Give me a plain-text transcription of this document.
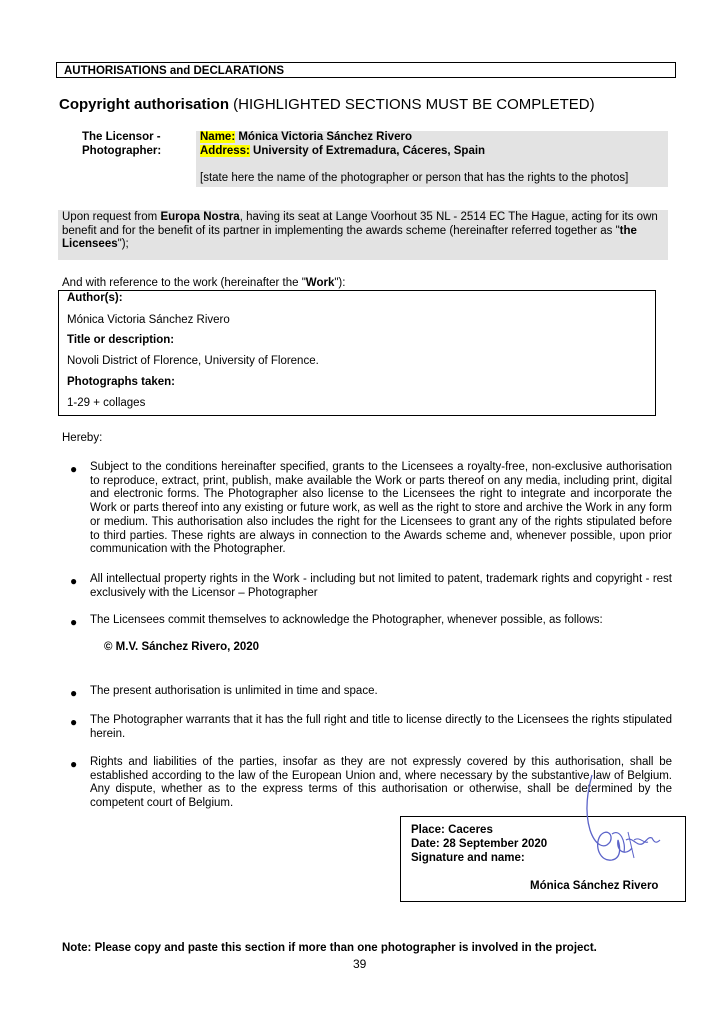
AUTHORISATIONS and DECLARATIONS
Copyright authorisation (HIGHLIGHTED SECTIONS MUST BE COMPLETED)
The Licensor -
Photographer:
Name: Mónica Victoria Sánchez Rivero
Address: University of Extremadura, Cáceres, Spain
[state here the name of the photographer or person that has the rights to the photos]
Upon request from Europa Nostra, having its seat at Lange Voorhout 35 NL - 2514 EC The Hague, acting for its own benefit and for the benefit of its partner in implementing the awards scheme (hereinafter referred together as "the Licensees");
And with reference to the work (hereinafter the "Work"):
Author(s):
Mónica Victoria Sánchez Rivero
Title or description:
Novoli District of Florence, University of Florence.
Photographs taken:
1-29 + collages
Hereby:
● Subject to the conditions hereinafter specified, grants to the Licensees a royalty-free, non-exclusive authorisation to reproduce, extract, print, publish, make available the Work or parts thereof on any media, including print, digital and electronic forms. The Photographer also license to the Licensees the right to integrate and incorporate the Work or parts thereof into any existing or future work, as well as the right to store and archive the Work in any form or medium. This authorisation also includes the right for the Licensees to grant any of the rights stipulated before to third parties. These rights are always in connection to the Awards scheme and, whenever possible, upon prior communication with the Photographer.
● All intellectual property rights in the Work - including but not limited to patent, trademark rights and copyright - rest exclusively with the Licensor – Photographer
● The Licensees commit themselves to acknowledge the Photographer, whenever possible, as follows:
© M.V. Sánchez Rivero, 2020
● The present authorisation is unlimited in time and space.
● The Photographer warrants that it has the full right and title to license directly to the Licensees the rights stipulated herein.
● Rights and liabilities of the parties, insofar as they are not expressly covered by this authorisation, shall be established according to the law of the European Union and, where necessary by the substantive law of Belgium. Any dispute, whether as to the express terms of this authorisation or otherwise, shall be determined by the competent court of Belgium.
Place: Caceres
Date: 28 September 2020
Signature and name:
Mónica Sánchez Rivero
Note: Please copy and paste this section if more than one photographer is involved in the project.
39
